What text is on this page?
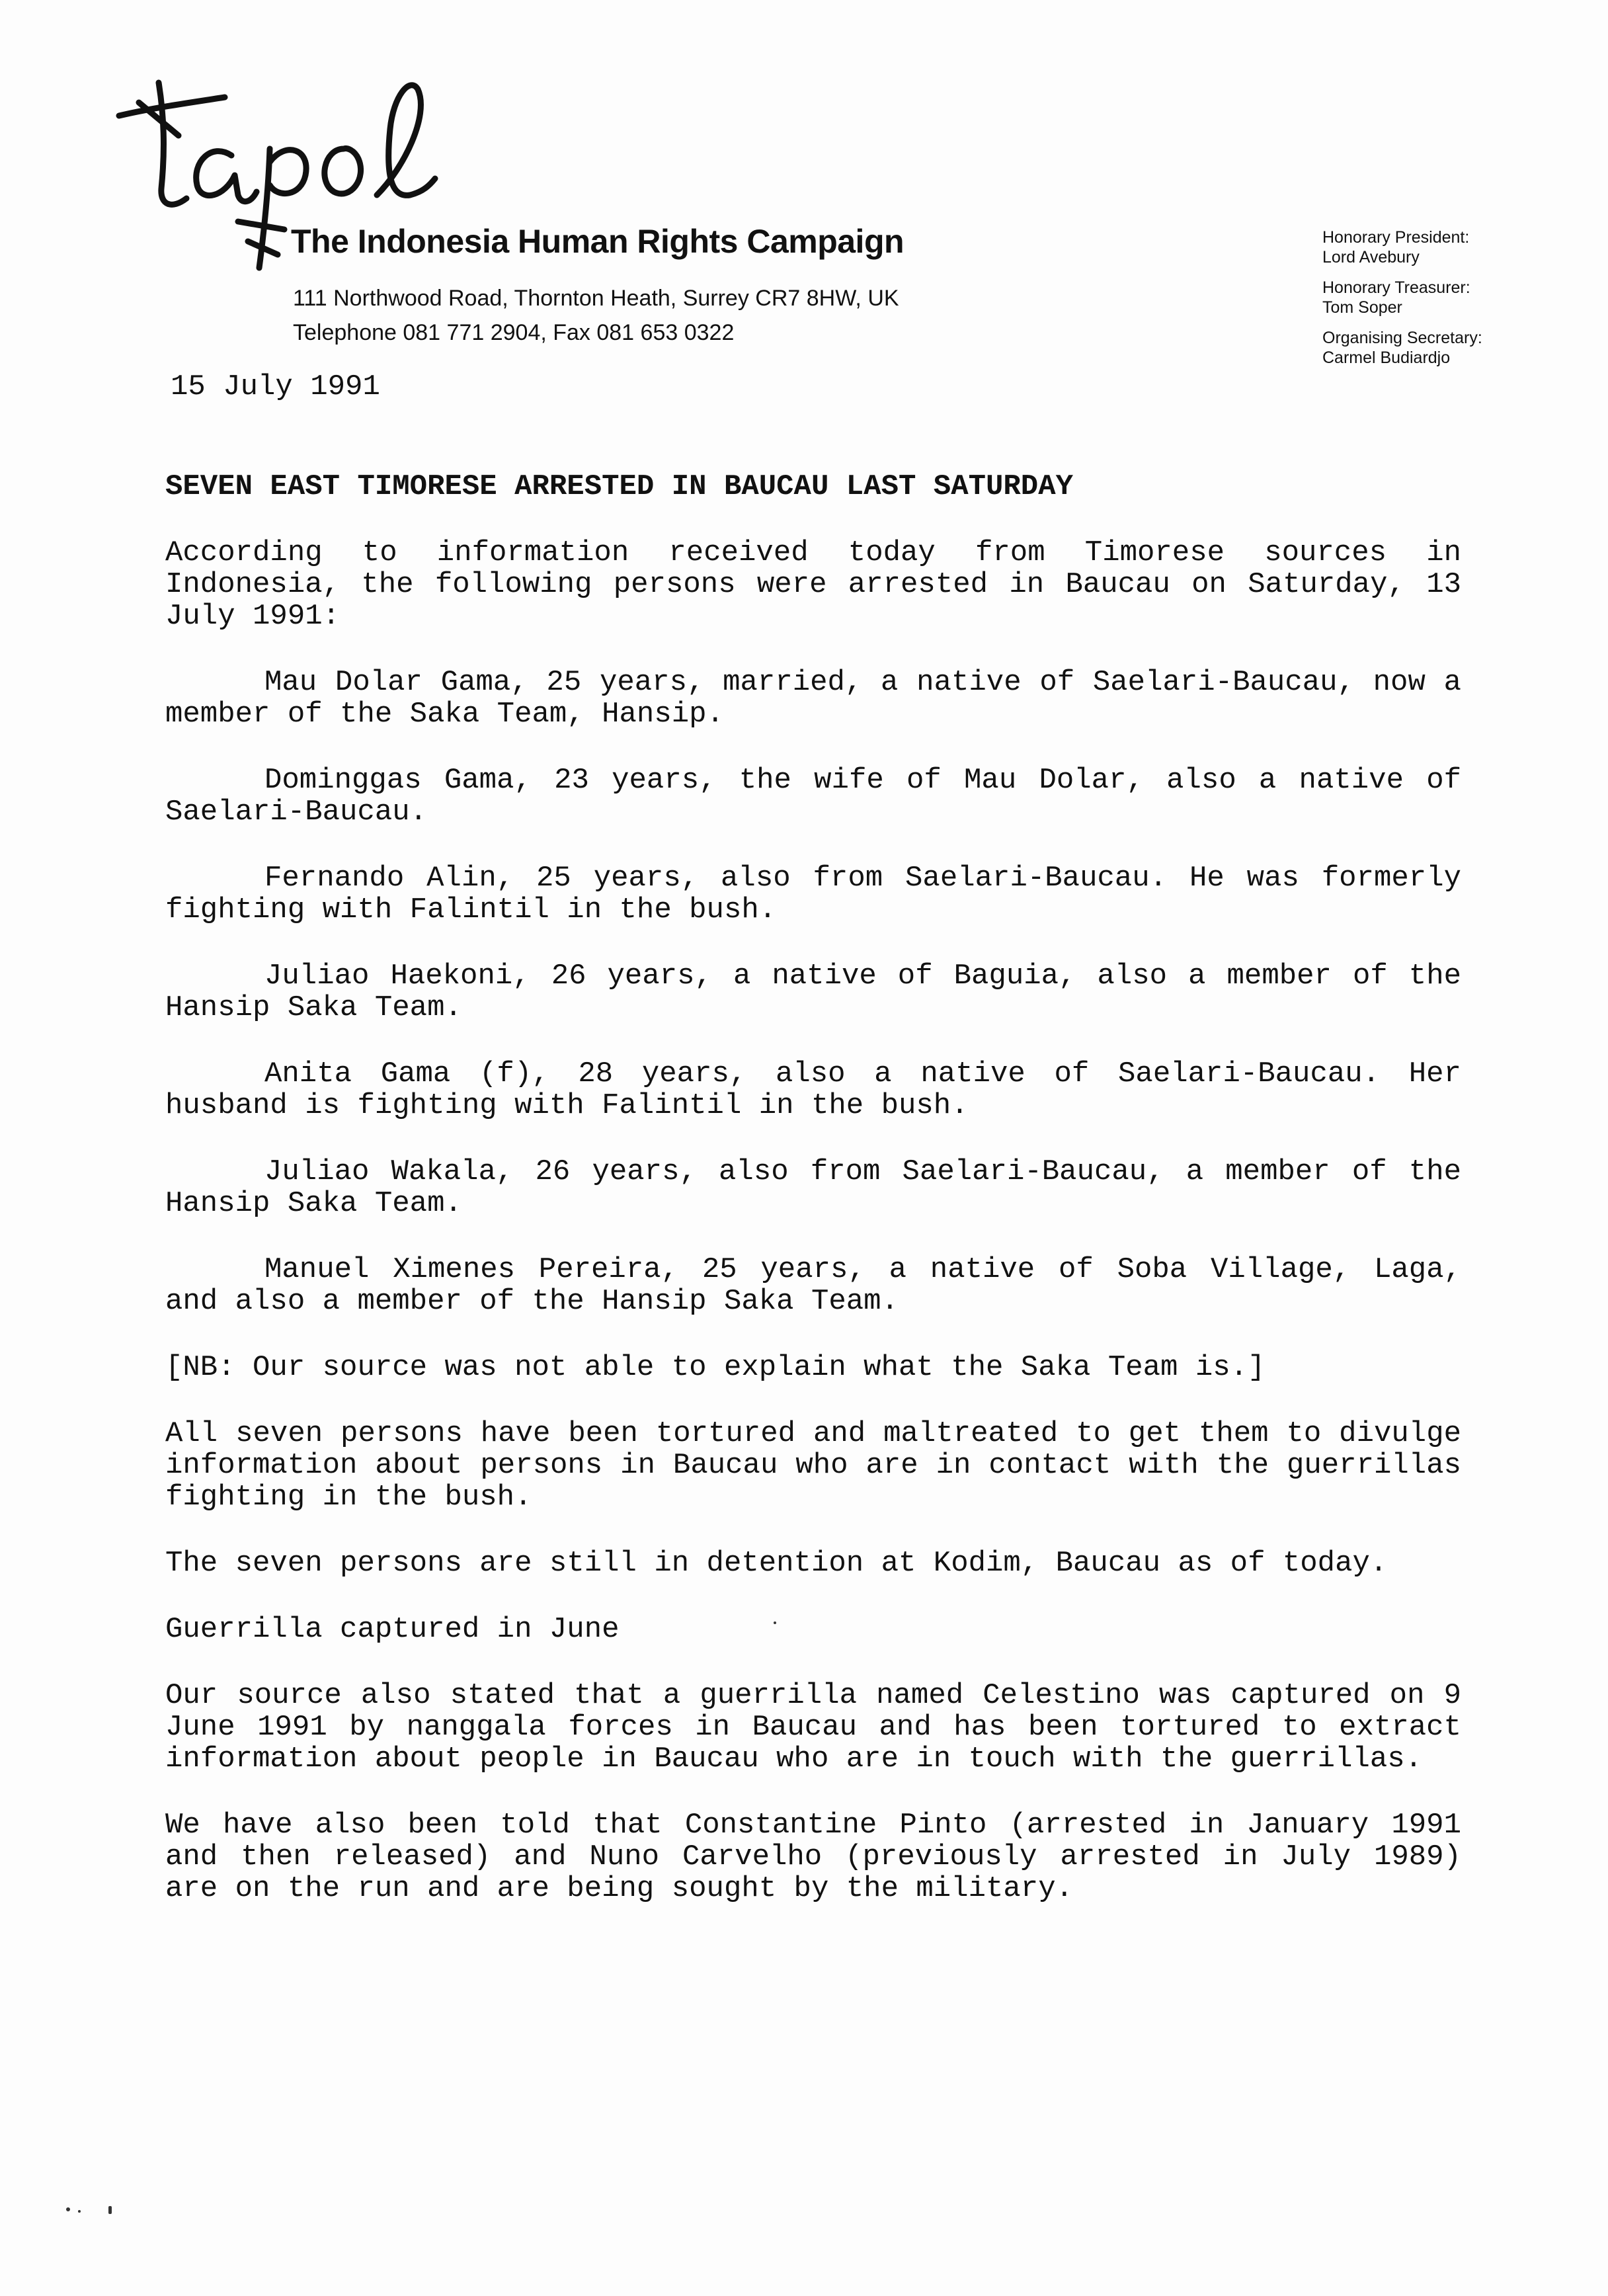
The Indonesia Human Rights Campaign
111 Northwood Road, Thornton Heath, Surrey CR7 8HW, UK
Telephone 081 771 2904, Fax 081 653 0322
Honorary President:
Lord Avebury
Honorary Treasurer:
Tom Soper
Organising Secretary:
Carmel Budiardjo
15 July 1991
SEVEN EAST TIMORESE ARRESTED IN BAUCAU LAST SATURDAY

According to information received today from Timorese sources in Indonesia, the following persons were arrested in Baucau on Saturday, 13 July 1991:

Mau Dolar Gama, 25 years, married, a native of Saelari-Baucau, now a member of the Saka Team, Hansip.

Dominggas Gama, 23 years, the wife of Mau Dolar, also a native of Saelari-Baucau.

Fernando Alin, 25 years, also from Saelari-Baucau. He was formerly fighting with Falintil in the bush.

Juliao Haekoni, 26 years, a native of Baguia, also a member of the Hansip Saka Team.

Anita Gama (f), 28 years, also a native of Saelari-Baucau. Her husband is fighting with Falintil in the bush.

Juliao Wakala, 26 years, also from Saelari-Baucau, a member of the Hansip Saka Team.

Manuel Ximenes Pereira, 25 years, a native of Soba Village, Laga, and also a member of the Hansip Saka Team.

[NB: Our source was not able to explain what the Saka Team is.]

All seven persons have been tortured and maltreated to get them to divulge information about persons in Baucau who are in contact with the guerrillas fighting in the bush.

The seven persons are still in detention at Kodim, Baucau as of today.

Guerrilla captured in June

Our source also stated that a guerrilla named Celestino was captured on 9 June 1991 by nanggala forces in Baucau and has been tortured to extract information about people in Baucau who are in touch with the guerrillas.

We have also been told that Constantine Pinto (arrested in January 1991 and then released) and Nuno Carvelho (previously arrested in July 1989) are on the run and are being sought by the military.
